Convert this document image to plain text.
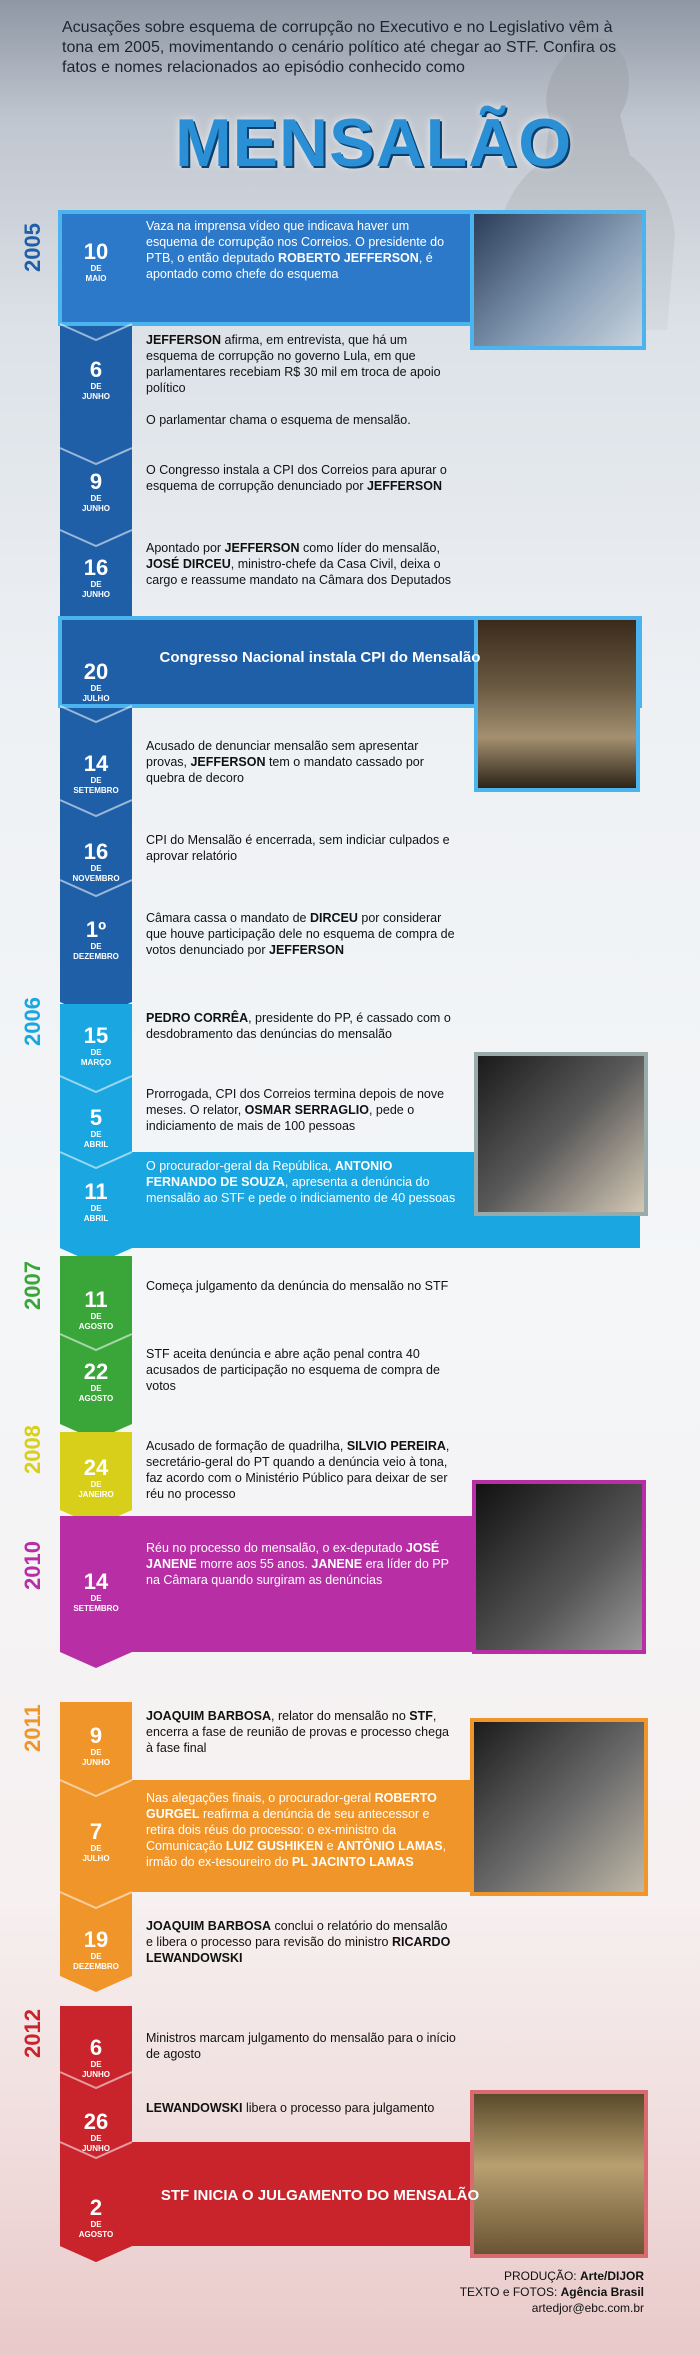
Acusações sobre esquema de corrupção no Executivo e no Legislativo vêm à tona em 2005, movimentando o cenário político até chegar ao STF. Confira os fatos e nomes relacionados ao episódio conhecido como
MENSALÃO
2005
2006
2007
2008
2010
2011
2012
10
DE
MAIO
6
DE
JUNHO
9
DE
JUNHO
16
DE
JUNHO
20
DE
JULHO
14
DE
SETEMBRO
16
DE
NOVEMBRO
1º
DE
DEZEMBRO
15
DE
MARÇO
5
DE
ABRIL
11
DE
ABRIL
11
DE
AGOSTO
22
DE
AGOSTO
24
DE
JANEIRO
14
DE
SETEMBRO
9
DE
JUNHO
7
DE
JULHO
19
DE
DEZEMBRO
6
DE
JUNHO
26
DE
JUNHO
2
DE
AGOSTO
Vaza na imprensa vídeo que indicava haver um esquema de corrupção nos Correios. O presidente do PTB, o então deputado ROBERTO JEFFERSON, é apontado como chefe do esquema
JEFFERSON afirma, em entrevista, que há um esquema de corrupção no governo Lula, em que parlamentares recebiam R$ 30 mil em troca de apoio político
O parlamentar chama o esquema de mensalão.
O Congresso instala a CPI dos Correios para apurar o esquema de corrupção denunciado por JEFFERSON
Apontado por JEFFERSON como líder do mensalão, JOSÉ DIRCEU, ministro-chefe da Casa Civil, deixa o cargo e reassume mandato na Câmara dos Deputados
Congresso Nacional instala CPI do Mensalão
Acusado de denunciar mensalão sem apresentar provas, JEFFERSON tem o mandato cassado por quebra de decoro
CPI do Mensalão é encerrada, sem indiciar culpados e aprovar relatório
Câmara cassa o mandato de DIRCEU por considerar que houve participação dele no esquema de compra de votos denunciado por JEFFERSON
PEDRO CORRÊA, presidente do PP, é cassado com o desdobramento das denúncias do mensalão
Prorrogada, CPI dos Correios termina depois de nove meses. O relator, OSMAR SERRAGLIO, pede o indiciamento de mais de 100 pessoas
O procurador-geral da República, ANTONIO FERNANDO DE SOUZA, apresenta a denúncia do mensalão ao STF e pede o indiciamento de 40 pessoas
Começa julgamento da denúncia do mensalão no STF
STF aceita denúncia e abre ação penal contra 40 acusados de participação no esquema de compra de votos
Acusado de formação de quadrilha, SILVIO PEREIRA, secretário-geral do PT quando a denúncia veio à tona, faz acordo com o Ministério Público para deixar de ser réu no processo
Réu no processo do mensalão, o ex-deputado JOSÉ JANENE morre aos 55 anos. JANENE era líder do PP na Câmara quando surgiram as denúncias
JOAQUIM BARBOSA, relator do mensalão no STF, encerra a fase de reunião de provas e processo chega à fase final
Nas alegações finais, o procurador-geral ROBERTO GURGEL reafirma a denúncia de seu antecessor e retira dois réus do processo: o ex-ministro da Comunicação LUIZ GUSHIKEN e ANTÔNIO LAMAS, irmão do ex-tesoureiro do PL JACINTO LAMAS
JOAQUIM BARBOSA conclui o relatório do mensalão e libera o processo para revisão do ministro RICARDO LEWANDOWSKI
Ministros marcam julgamento do mensalão para o início de agosto
LEWANDOWSKI libera o processo para julgamento
STF INICIA O JULGAMENTO DO MENSALÃO
PRODUÇÃO: Arte/DIJOR
TEXTO e FOTOS: Agência Brasil
artedjor@ebc.com.br
